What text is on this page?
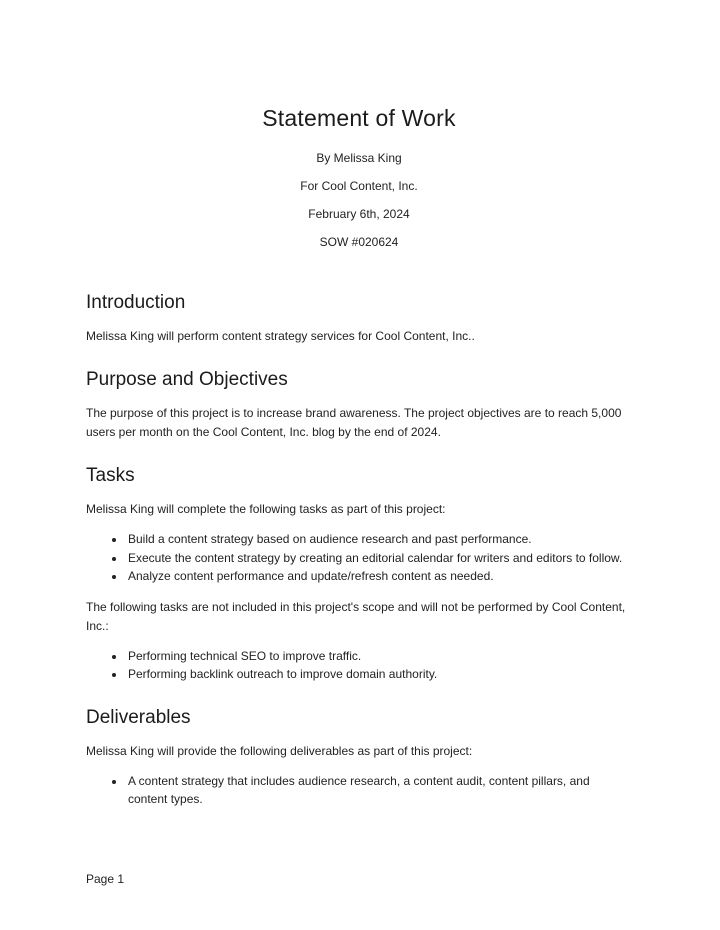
Statement of Work

By Melissa King

For Cool Content, Inc.

February 6th, 2024

SOW #020624

Introduction

Melissa King will perform content strategy services for Cool Content, Inc..

Purpose and Objectives

The purpose of this project is to increase brand awareness. The project objectives are to reach 5,000 users per month on the Cool Content, Inc. blog by the end of 2024.

Tasks

Melissa King will complete the following tasks as part of this project:

• Build a content strategy based on audience research and past performance.
• Execute the content strategy by creating an editorial calendar for writers and editors to follow.
• Analyze content performance and update/refresh content as needed.

The following tasks are not included in this project's scope and will not be performed by Cool Content, Inc.:

• Performing technical SEO to improve traffic.
• Performing backlink outreach to improve domain authority.
Deliverables

Melissa King will provide the following deliverables as part of this project:

• A content strategy that includes audience research, a content audit, content pillars, and content types.
Page 1
